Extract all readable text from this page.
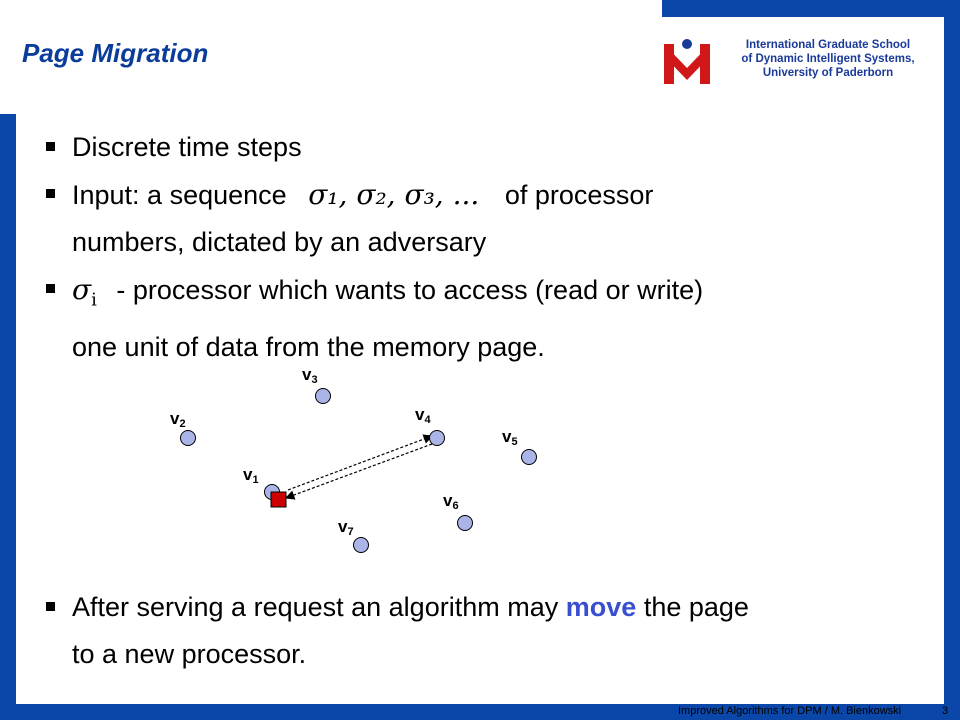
International Graduate School
of Dynamic Intelligent Systems,
University of Paderborn
Page Migration
Discrete time steps
Input: a sequence σ₁, σ₂, σ₃, ... of processor
numbers, dictated by an adversary
$\sigma_i$ - processor which wants to access (read or write)
one unit of data from the memory page.
v1
v2
v3
v4
v5
v6
v7
After serving a request an algorithm may move the page
to a new processor.
Improved Algorithms for DPM / M. Bienkowski	3
